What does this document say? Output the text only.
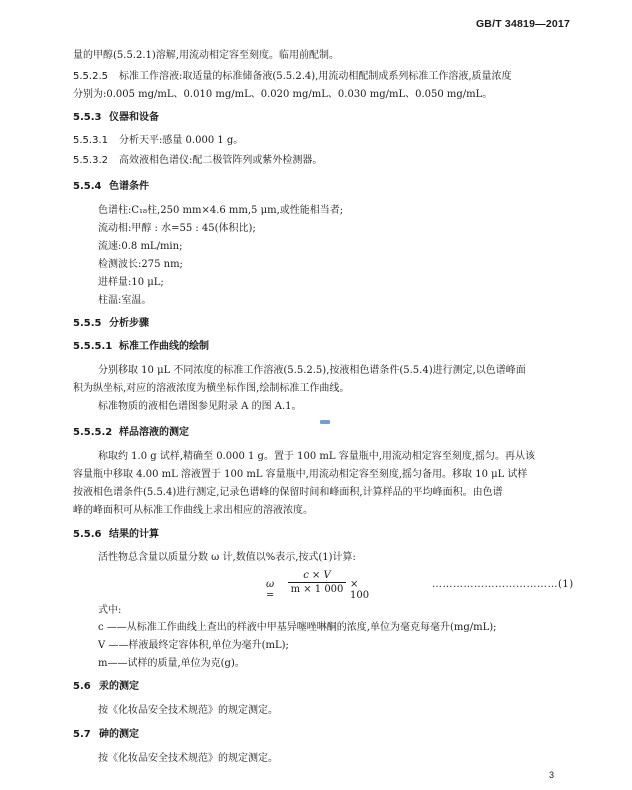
GB/T 34819—2017
量的甲醇(5.5.2.1)溶解,用流动相定容至刻度。临用前配制。
5.5.2.5 标准工作溶液:取适量的标准储备液(5.5.2.4),用流动相配制成系列标准工作溶液,质量浓度
分别为:0.005 mg/mL、0.010 mg/mL、0.020 mg/mL、0.030 mg/mL、0.050 mg/mL。
5.5.3 仪器和设备
5.5.3.1 分析天平:感量 0.000 1 g。
5.5.3.2 高效液相色谱仪:配二极管阵列或紫外检测器。
5.5.4 色谱条件
色谱柱:C₁₈柱,250 mm×4.6 mm,5 μm,或性能相当者;
流动相:甲醇 : 水=55 : 45(体积比);
流速:0.8 mL/min;
检测波长:275 nm;
进样量:10 μL;
柱温:室温。
5.5.5 分析步骤
5.5.5.1 标准工作曲线的绘制
分别移取 10 μL 不同浓度的标准工作溶液(5.5.2.5),按液相色谱条件(5.5.4)进行测定,以色谱峰面
积为纵坐标,对应的溶液浓度为横坐标作图,绘制标准工作曲线。
标准物质的液相色谱图参见附录 A 的图 A.1。
5.5.5.2 样品溶液的测定
称取约 1.0 g 试样,精确至 0.000 1 g。置于 100 mL 容量瓶中,用流动相定容至刻度,摇匀。再从该
容量瓶中移取 4.00 mL 溶液置于 100 mL 容量瓶中,用流动相定容至刻度,摇匀备用。移取 10 μL 试样
按液相色谱条件(5.5.4)进行测定,记录色谱峰的保留时间和峰面积,计算样品的平均峰面积。由色谱
峰的峰面积可从标准工作曲线上求出相应的溶液浓度。
5.5.6 结果的计算
活性物总含量以质量分数 ω 计,数值以%表示,按式(1)计算:
ω =
$\frac{c \times V}{m \times 1 000} \times 100$
………………………………(1)
式中:
c ——从标准工作曲线上查出的样液中甲基异噻唑啉酮的浓度,单位为毫克每毫升(mg/mL);
V ——样液最终定容体积,单位为毫升(mL);
m——试样的质量,单位为克(g)。
5.6 汞的测定
按《化妆品安全技术规范》的规定测定。
5.7 砷的测定
按《化妆品安全技术规范》的规定测定。
3
